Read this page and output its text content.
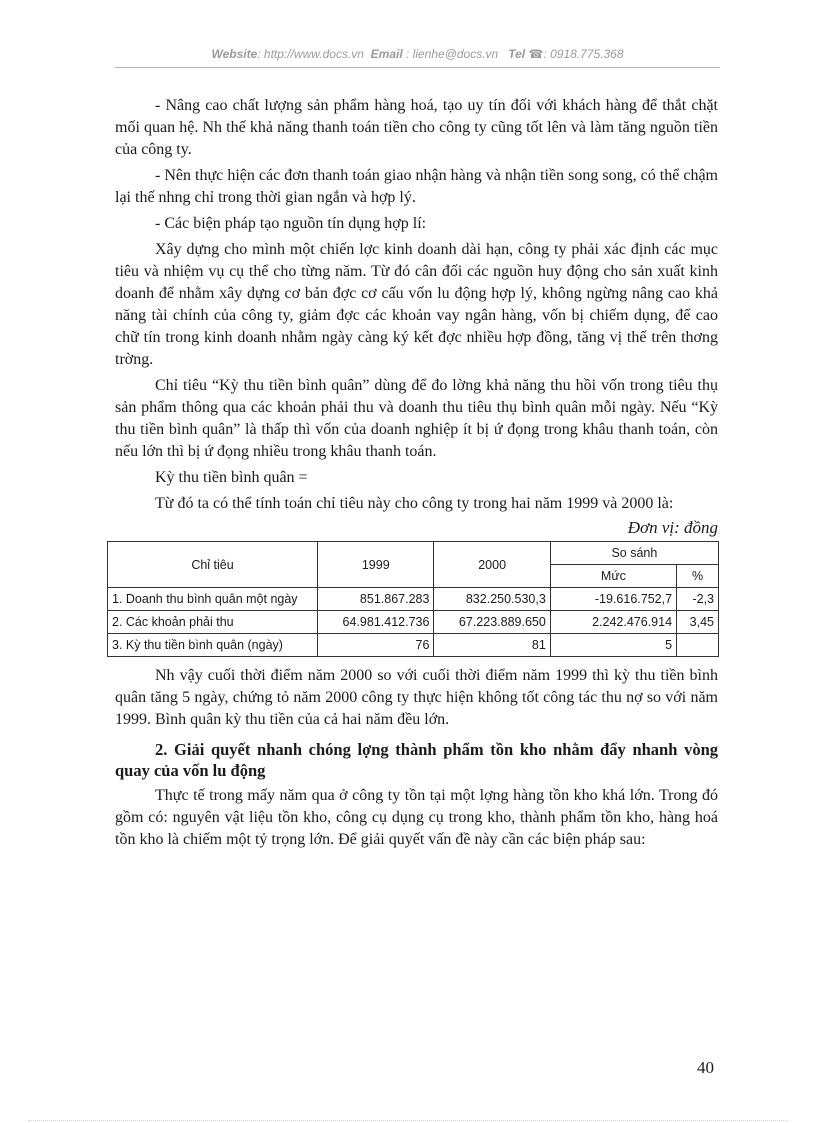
Website: http://www.docs.vn Email : lienhe@docs.vn Tel ☎: 0918.775.368

- Nâng cao chất lượng sản phẩm hàng hoá, tạo uy tín đối với khách hàng để thắt chặt mối quan hệ. Nh thế khả năng thanh toán tiền cho công ty cũng tốt lên và làm tăng nguồn tiền của công ty.

- Nên thực hiện các đơn thanh toán giao nhận hàng và nhận tiền song song, có thể chậm lại thế nhng chỉ trong thời gian ngắn và hợp lý.

- Các biện pháp tạo nguồn tín dụng hợp lí:

Xây dựng cho mình một chiến lợc kinh doanh dài hạn, công ty phải xác định các mục tiêu và nhiệm vụ cụ thể cho từng năm. Từ đó cân đối các nguồn huy động cho sản xuất kinh doanh để nhằm xây dựng cơ bản đợc cơ cấu vốn lu động hợp lý, không ngừng nâng cao khả năng tài chính của công ty, giảm đợc các khoản vay ngân hàng, vốn bị chiếm dụng, để cao chữ tín trong kinh doanh nhằm ngày càng ký kết đợc nhiều hợp đồng, tăng vị thế trên thơng trờng.

Chỉ tiêu “Kỳ thu tiền bình quân” dùng để đo lờng khả năng thu hồi vốn trong tiêu thụ sản phẩm thông qua các khoản phải thu và doanh thu tiêu thụ bình quân mỗi ngày. Nếu “Kỳ thu tiền bình quân” là thấp thì vốn của doanh nghiệp ít bị ứ đọng trong khâu thanh toán, còn nếu lớn thì bị ứ đọng nhiều trong khâu thanh toán.

Kỳ thu tiền bình quân =

Từ đó ta có thể tính toán chỉ tiêu này cho công ty trong hai năm 1999 và 2000 là:

Đơn vị: đồng
Chỉ tiêu	1999	2000	So sánh	
			Mức	%
1. Doanh thu bình quân một ngày	851.867.283	832.250.530,3	-19.616.752,7	-2,3
2. Các khoản phải thu	64.981.412.736	67.223.889.650	2.242.476.914	3,45
3. Kỳ thu tiền bình quân (ngày)	76	81	5	

Nh vậy cuối thời điểm năm 2000 so với cuối thời điểm năm 1999 thì kỳ thu tiền bình quân tăng 5 ngày, chứng tỏ năm 2000 công ty thực hiện không tốt công tác thu nợ so với năm 1999. Bình quân kỳ thu tiền của cả hai năm đều lớn.

2. Giải quyết nhanh chóng lợng thành phẩm tồn kho nhằm đẩy nhanh vòng quay của vốn lu động

Thực tế trong mấy năm qua ở công ty tồn tại một lợng hàng tồn kho khá lớn. Trong đó gồm có: nguyên vật liệu tồn kho, công cụ dụng cụ trong kho, thành phẩm tồn kho, hàng hoá tồn kho là chiếm một tỷ trọng lớn. Để giải quyết vấn đề này cần các biện pháp sau:

40
